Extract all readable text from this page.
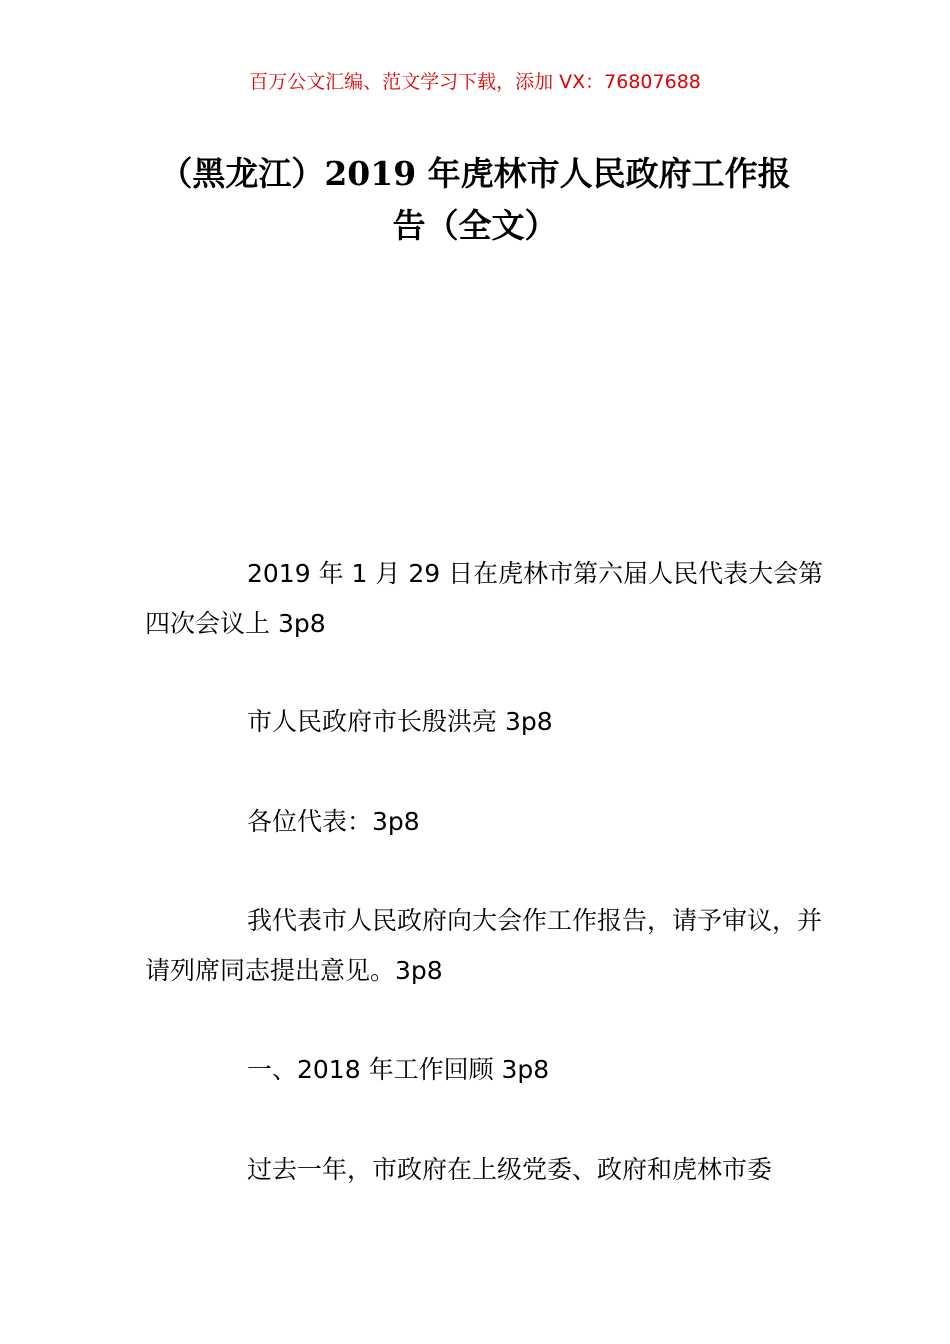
百万公文汇编、范文学习下载，添加 VX：76807688
（黑龙江）2019 年虎林市人民政府工作报
告（全文）

2019 年 1 月 29 日在虎林市第六届人民代表大会第四次会议上 3p8

市人民政府市长殷洪亮 3p8

各位代表：3p8

我代表市人民政府向大会作工作报告，请予审议，并请列席同志提出意见。3p8

一、2018 年工作回顾 3p8

过去一年，市政府在上级党委、政府和虎林市委
